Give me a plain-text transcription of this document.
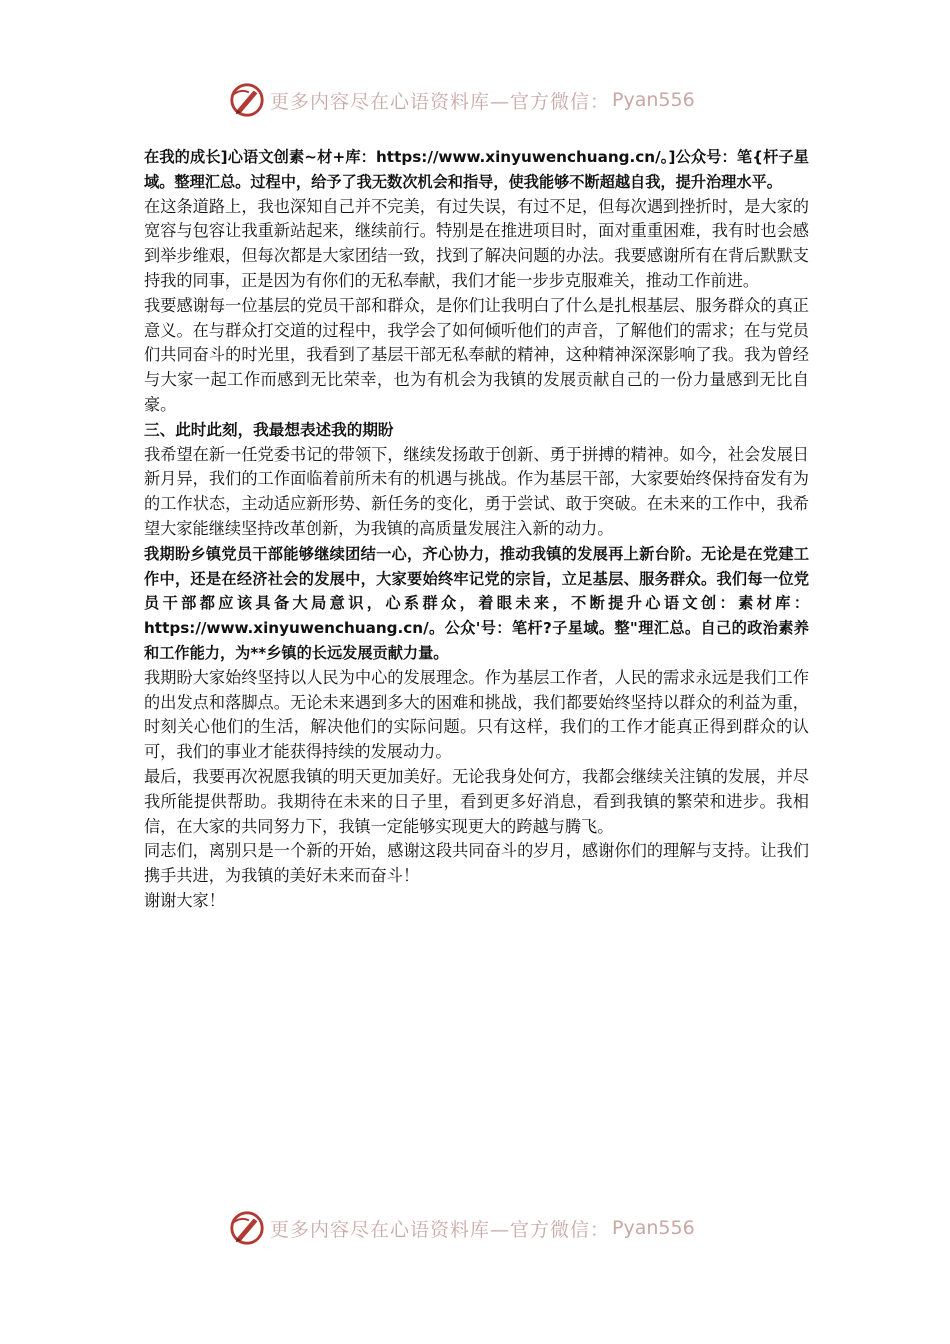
更多内容尽在心语资料库—官方微信： Pyan556

在我的成长]心语文创素~材+库：https://www.xinyuwenchuang.cn/。]公众号：笔{杆子星域。整理汇总。过程中，给予了我无数次机会和指导，使我能够不断超越自我，提升治理水平。

在这条道路上，我也深知自己并不完美，有过失误，有过不足，但每次遇到挫折时，是大家的宽容与包容让我重新站起来，继续前行。特别是在推进项目时，面对重重困难，我有时也会感到举步维艰，但每次都是大家团结一致，找到了解决问题的办法。我要感谢所有在背后默默支持我的同事，正是因为有你们的无私奉献，我们才能一步步克服难关，推动工作前进。

我要感谢每一位基层的党员干部和群众，是你们让我明白了什么是扎根基层、服务群众的真正意义。在与群众打交道的过程中，我学会了如何倾听他们的声音，了解他们的需求；在与党员们共同奋斗的时光里，我看到了基层干部无私奉献的精神，这种精神深深影响了我。我为曾经与大家一起工作而感到无比荣幸，也为有机会为我镇的发展贡献自己的一份力量感到无比自豪。

三、此时此刻，我最想表述我的期盼

我希望在新一任党委书记的带领下，继续发扬敢于创新、勇于拼搏的精神。如今，社会发展日新月异，我们的工作面临着前所未有的机遇与挑战。作为基层干部，大家要始终保持奋发有为的工作状态，主动适应新形势、新任务的变化，勇于尝试、敢于突破。在未来的工作中，我希望大家能继续坚持改革创新，为我镇的高质量发展注入新的动力。

我期盼乡镇党员干部能够继续团结一心，齐心协力，推动我镇的发展再上新台阶。无论是在党建工作中，还是在经济社会的发展中，大家要始终牢记党的宗旨，立足基层、服务群众。我们每一位党员干部都应该具备大局意识，心系群众，着眼未来，不断提升心语文创：素材库：https://www.xinyuwenchuang.cn/。公众'号：笔杆?子星域。整"理汇总。自己的政治素养和工作能力，为**乡镇的长远发展贡献力量。

我期盼大家始终坚持以人民为中心的发展理念。作为基层工作者，人民的需求永远是我们工作的出发点和落脚点。无论未来遇到多大的困难和挑战，我们都要始终坚持以群众的利益为重，时刻关心他们的生活，解决他们的实际问题。只有这样，我们的工作才能真正得到群众的认可，我们的事业才能获得持续的发展动力。

最后，我要再次祝愿我镇的明天更加美好。无论我身处何方，我都会继续关注镇的发展，并尽我所能提供帮助。我期待在未来的日子里，看到更多好消息，看到我镇的繁荣和进步。我相信，在大家的共同努力下，我镇一定能够实现更大的跨越与腾飞。

同志们，离别只是一个新的开始，感谢这段共同奋斗的岁月，感谢你们的理解与支持。让我们携手共进，为我镇的美好未来而奋斗！

谢谢大家！

更多内容尽在心语资料库—官方微信： Pyan556
